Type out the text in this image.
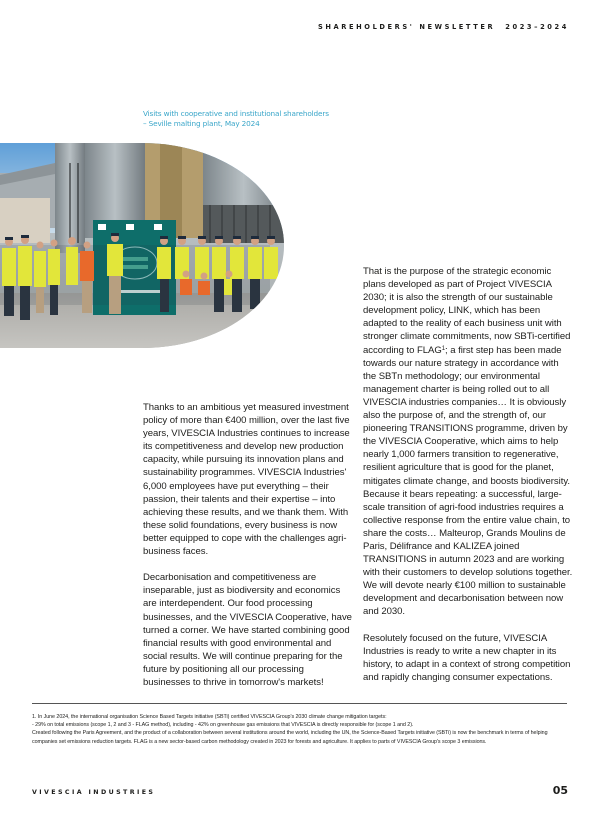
SHAREHOLDERS' NEWSLETTER 2023–2024
Visits with cooperative and institutional shareholders
– Seville malting plant, May 2024

Thanks to an ambitious yet measured investment policy of more than €400 million, over the last five years, VIVESCIA Industries continues to increase its competitiveness and develop new production capacity, while pursuing its innovation plans and sustainability programmes. VIVESCIA Industries' 6,000 employees have put everything – their passion, their talents and their expertise – into achieving these results, and we thank them. With these solid foundations, every business is now better equipped to cope with the challenges agri-business faces.

Decarbonisation and competitiveness are inseparable, just as biodiversity and economics are interdependent. Our food processing businesses, and the VIVESCIA Cooperative, have turned a corner. We have started combining good financial results with good environmental and social results. We will continue preparing for the future by positioning all our processing businesses to thrive in tomorrow's markets!

That is the purpose of the strategic economic plans developed as part of Project VIVESCIA 2030; it is also the strength of our sustainable development policy, LINK, which has been adapted to the reality of each business unit with stronger climate commitments, now SBTi-certified according to FLAG$^1$; a first step has been made towards our nature strategy in accordance with the SBTn methodology; our environmental management charter is being rolled out to all VIVESCIA industries companies… It is obviously also the purpose of, and the strength of, our pioneering TRANSITIONS programme, driven by the VIVESCIA Cooperative, which aims to help nearly 1,000 farmers transition to regenerative, resilient agriculture that is good for the planet, mitigates climate change, and boosts biodiversity. Because it bears repeating: a successful, large-scale transition of agri-food industries requires a collective response from the entire value chain, to share the costs… Malteurop, Grands Moulins de Paris, Délifrance and KALIZEA joined TRANSITIONS in autumn 2023 and are working with their customers to develop solutions together. We will devote nearly €100 million to sustainable development and decarbonisation between now and 2030.

Resolutely focused on the future, VIVESCIA Industries is ready to write a new chapter in its history, to adapt in a context of strong competition and rapidly changing consumer expectations.

1. In June 2024, the international organisation Science Based Targets initiative (SBTi) certified VIVESCIA Group's 2030 climate change mitigation targets:
- 29% on total emissions (scope 1, 2 and 3 - FLAG method), including - 42% on greenhouse gas emissions that VIVESCIA is directly responsible for (scope 1 and 2).
Created following the Paris Agreement, and the product of a collaboration between several institutions around the world, including the UN, the Science-Based Targets initiative (SBTi) is now the benchmark in terms of helping companies set emissions reduction targets. FLAG is a new sector-based carbon methodology created in 2023 for forests and agriculture. It applies to parts of VIVESCIA Group's scope 3 emissions.
VIVESCIA INDUSTRIES	05
